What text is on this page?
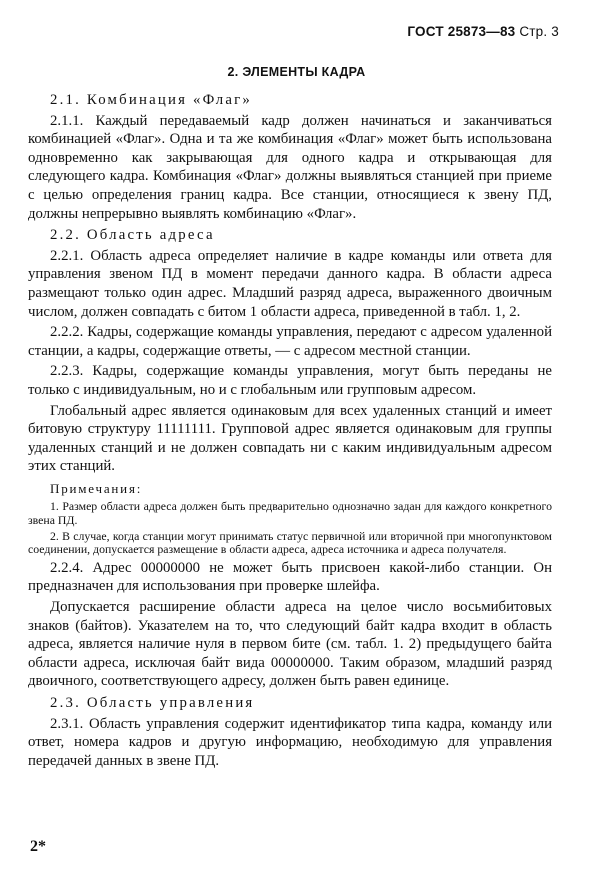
ГОСТ 25873—83 Стр. 3
2. ЭЛЕМЕНТЫ КАДРА

2.1. Комбинация «Флаг»

2.1.1. Каждый передаваемый кадр должен начинаться и заканчиваться комбинацией «Флаг». Одна и та же комбинация «Флаг» может быть использована одновременно как закрывающая для одного кадра и открывающая для следующего кадра. Комбинация «Флаг» должны выявляться станцией при приеме с целью определения границ кадра. Все станции, относящиеся к звену ПД, должны непрерывно выявлять комбинацию «Флаг».

2.2. Область адреса

2.2.1. Область адреса определяет наличие в кадре команды или ответа для управления звеном ПД в момент передачи данного кадра. В области адреса размещают только один адрес. Младший разряд адреса, выраженного двоичным числом, должен совпадать с битом 1 области адреса, приведенной в табл. 1, 2.

2.2.2. Кадры, содержащие команды управления, передают с адресом удаленной станции, а кадры, содержащие ответы, — с адресом местной станции.

2.2.3. Кадры, содержащие команды управления, могут быть переданы не только с индивидуальным, но и с глобальным или групповым адресом.

Глобальный адрес является одинаковым для всех удаленных станций и имеет битовую структуру 11111111. Групповой адрес является одинаковым для группы удаленных станций и не должен совпадать ни с каким индивидуальным адресом этих станций.

Примечания:

1. Размер области адреса должен быть предварительно однозначно задан для каждого конкретного звена ПД.

2. В случае, когда станции могут принимать статус первичной или вторичной при многопунктовом соединении, допускается размещение в области адреса, адреса источника и адреса получателя.

2.2.4. Адрес 00000000 не может быть присвоен какой-либо станции. Он предназначен для использования при проверке шлейфа.

Допускается расширение области адреса на целое число восьмибитовых знаков (байтов). Указателем на то, что следующий байт кадра входит в область адреса, является наличие нуля в первом бите (см. табл. 1. 2) предыдущего байта области адреса, исключая байт вида 00000000. Таким образом, младший разряд двоичного, соответствующего адресу, должен быть равен единице.

2.3. Область управления

2.3.1. Область управления содержит идентификатор типа кадра, команду или ответ, номера кадров и другую информацию, необходимую для управления передачей данных в звене ПД.

2*
